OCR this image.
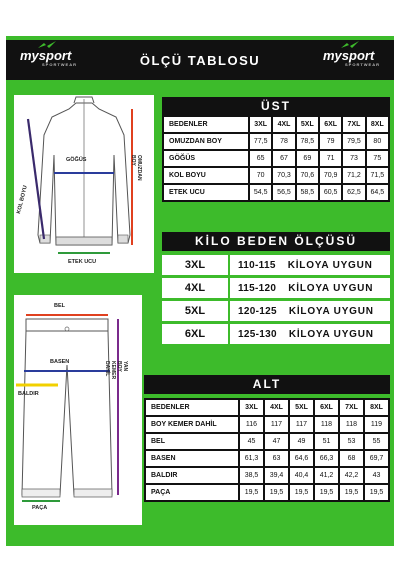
mysport
SPORTWEAR	ÖLÇÜ TABLOSU	mysport
SPORTWEAR
GÖĞÜS
KOL BOYU
OMUZDAN BOY
ETEK UCU
BEL
BASEN
BALDIR
PAÇA
YAN BOY KEMER DAHİL
ÜST
BEDENLER	3XL	4XL	5XL	6XL	7XL	8XL
OMUZDAN BOY	77,5	78	78,5	79	79,5	80
GÖĞÜS	65	67	69	71	73	75
KOL BOYU	70	70,3	70,6	70,9	71,2	71,5
ETEK UCU	54,5	56,5	58,5	60,5	62,5	64,5
KİLO BEDEN ÖLÇÜSÜ
3XL	110-115 KİLOYA UYGUN
4XL	115-120 KİLOYA UYGUN
5XL	120-125 KİLOYA UYGUN
6XL	125-130 KİLOYA UYGUN
ALT
BEDENLER	3XL	4XL	5XL	6XL	7XL	8XL
BOY KEMER DAHİL	116	117	117	118	118	119
BEL	45	47	49	51	53	55
BASEN	61,3	63	64,6	66,3	68	69,7
BALDIR	38,5	39,4	40,4	41,2	42,2	43
PAÇA	19,5	19,5	19,5	19,5	19,5	19,5
